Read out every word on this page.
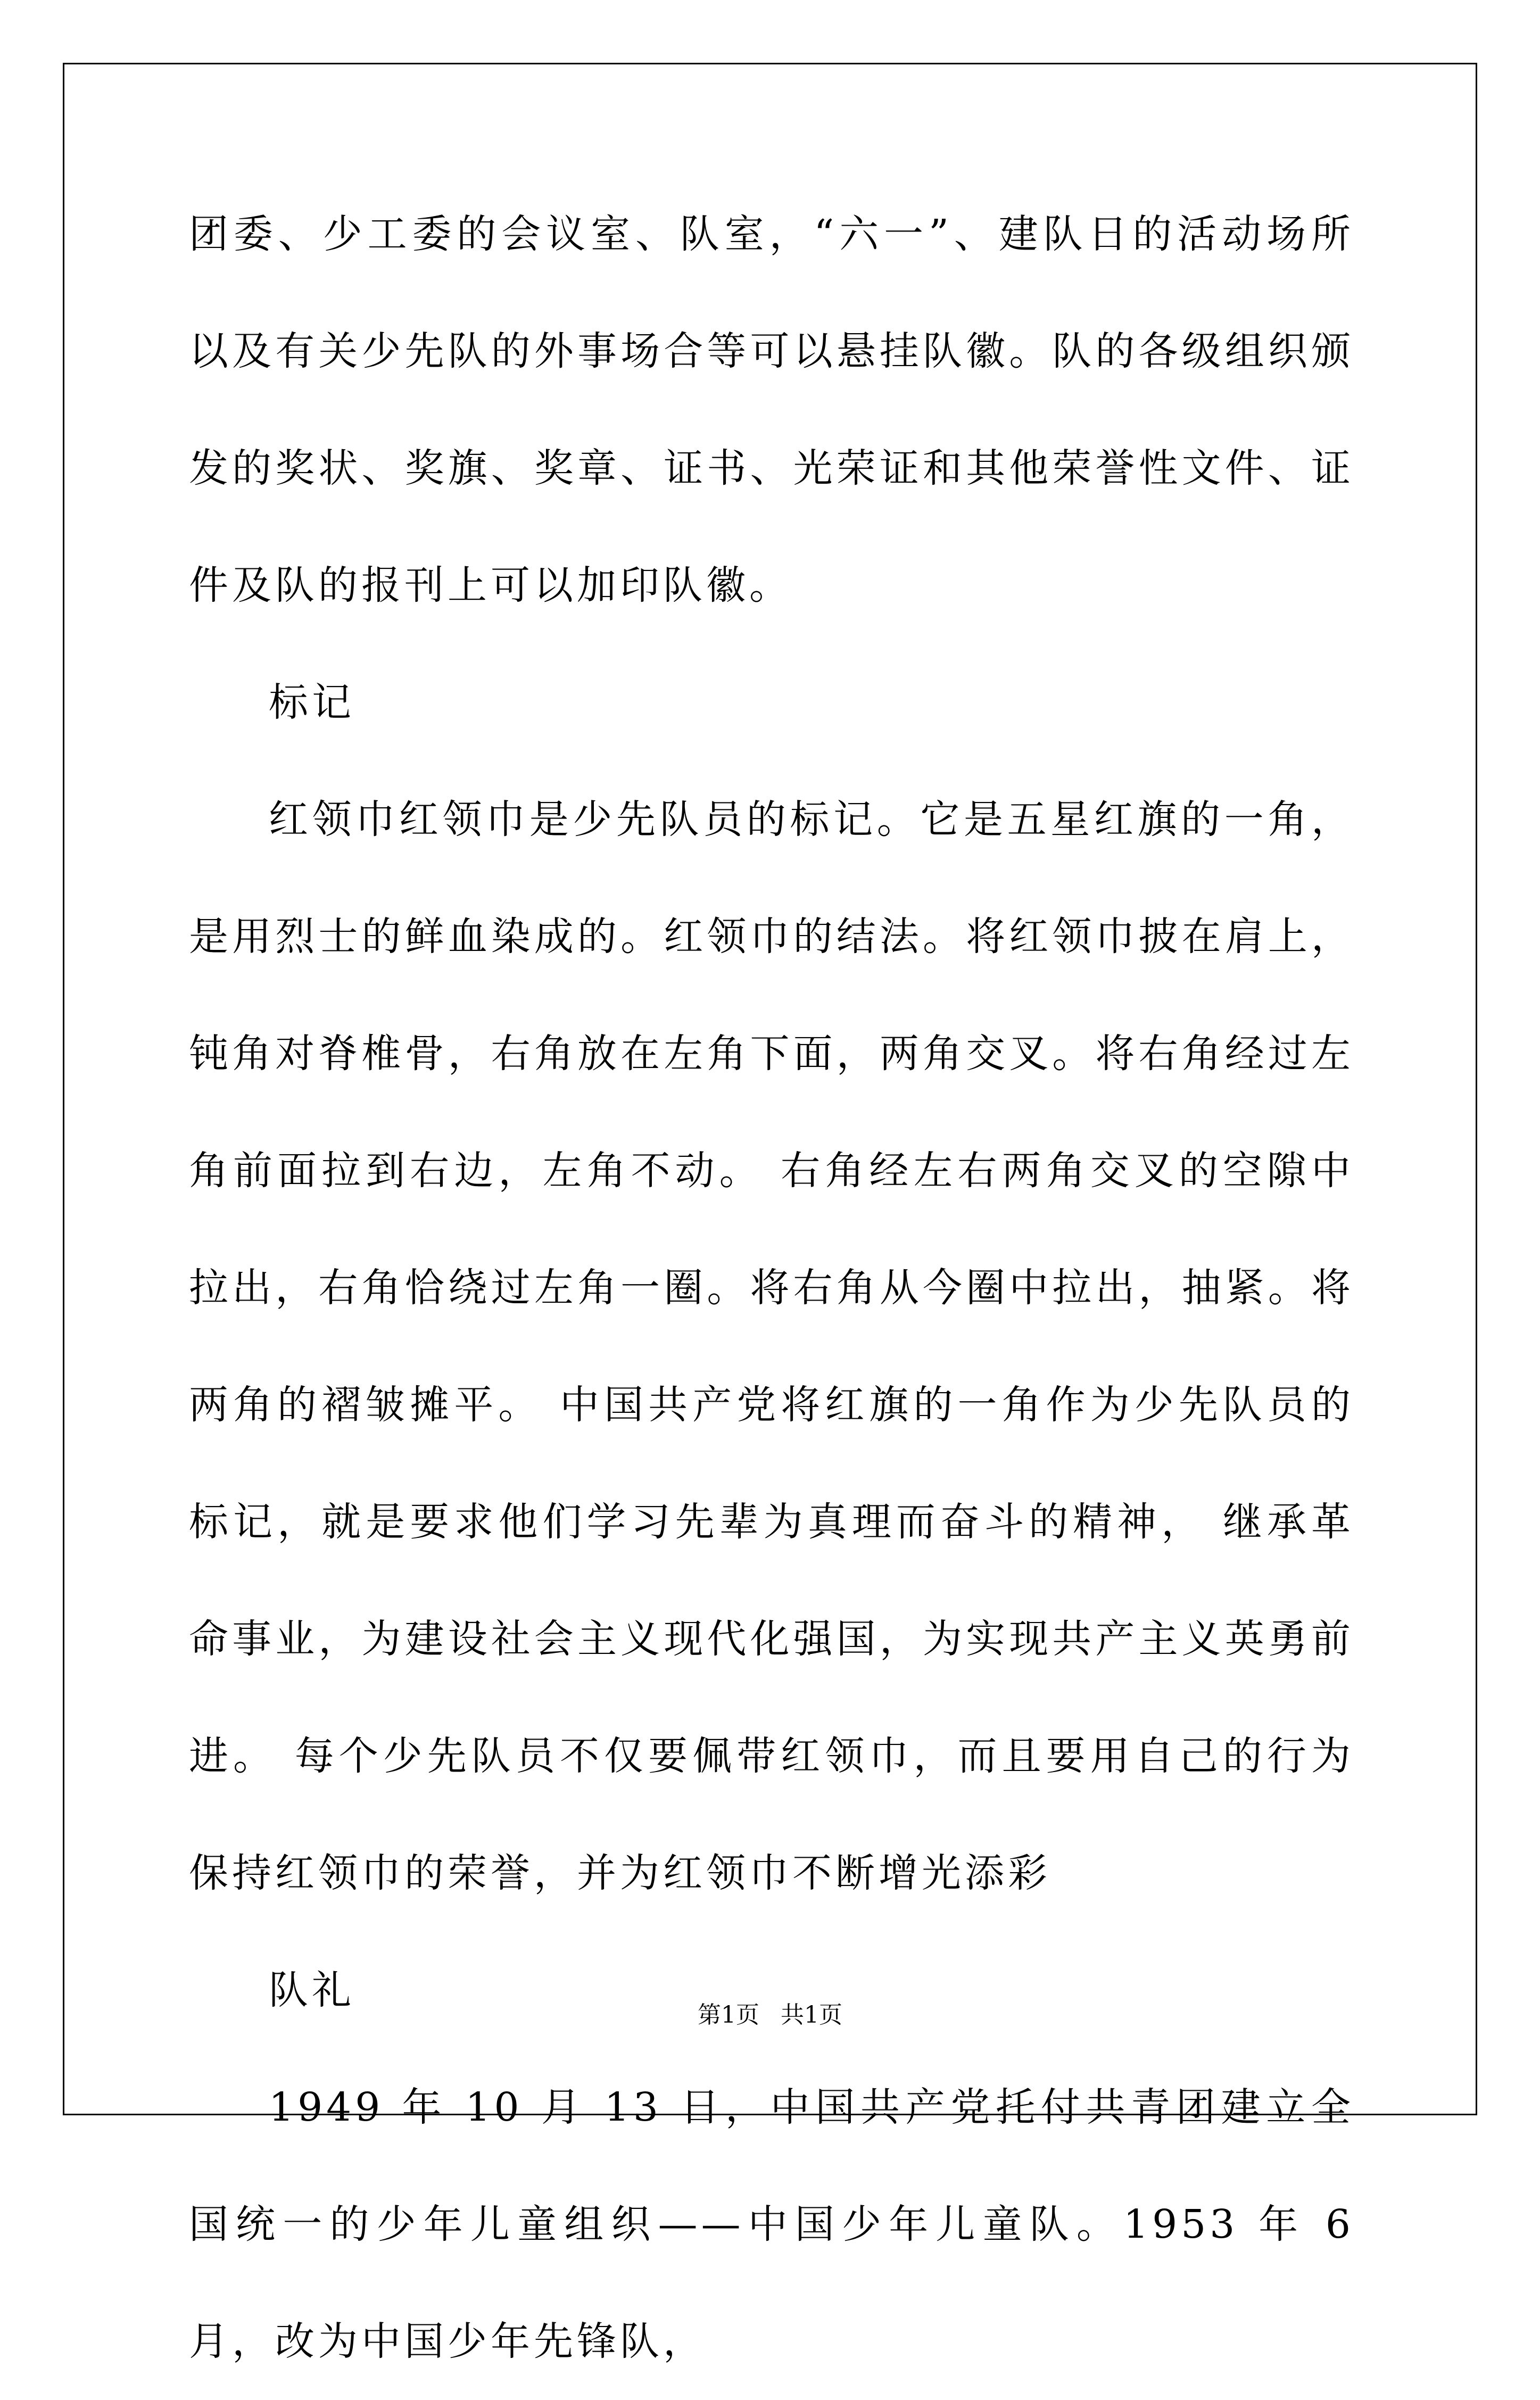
团委、少工委的会议室、队室，“六一”、建队日的活动场所以及有关少先队的外事场合等可以悬挂队徽。队的各级组织颁发的奖状、奖旗、奖章、证书、光荣证和其他荣誉性文件、证件及队的报刊上可以加印队徽。

标记

红领巾红领巾是少先队员的标记。它是五星红旗的一角，是用烈士的鲜血染成的。红领巾的结法。将红领巾披在肩上，钝角对脊椎骨，右角放在左角下面，两角交叉。将右角经过左角前面拉到右边，左角不动。 右角经左右两角交叉的空隙中拉出，右角恰绕过左角一圈。将右角从今圈中拉出，抽紧。将两角的褶皱摊平。 中国共产党将红旗的一角作为少先队员的标记，就是要求他们学习先辈为真理而奋斗的精神， 继承革命事业，为建设社会主义现代化强国，为实现共产主义英勇前进。 每个少先队员不仅要佩带红领巾，而且要用自己的行为保持红领巾的荣誉，并为红领巾不断增光添彩

队礼

1949 年 10 月 13 日，中国共产党托付共青团建立全国统一的少年儿童组织——中国少年儿童队。1953 年 6 月，改为中国少年先锋队，

第1页 共1页
